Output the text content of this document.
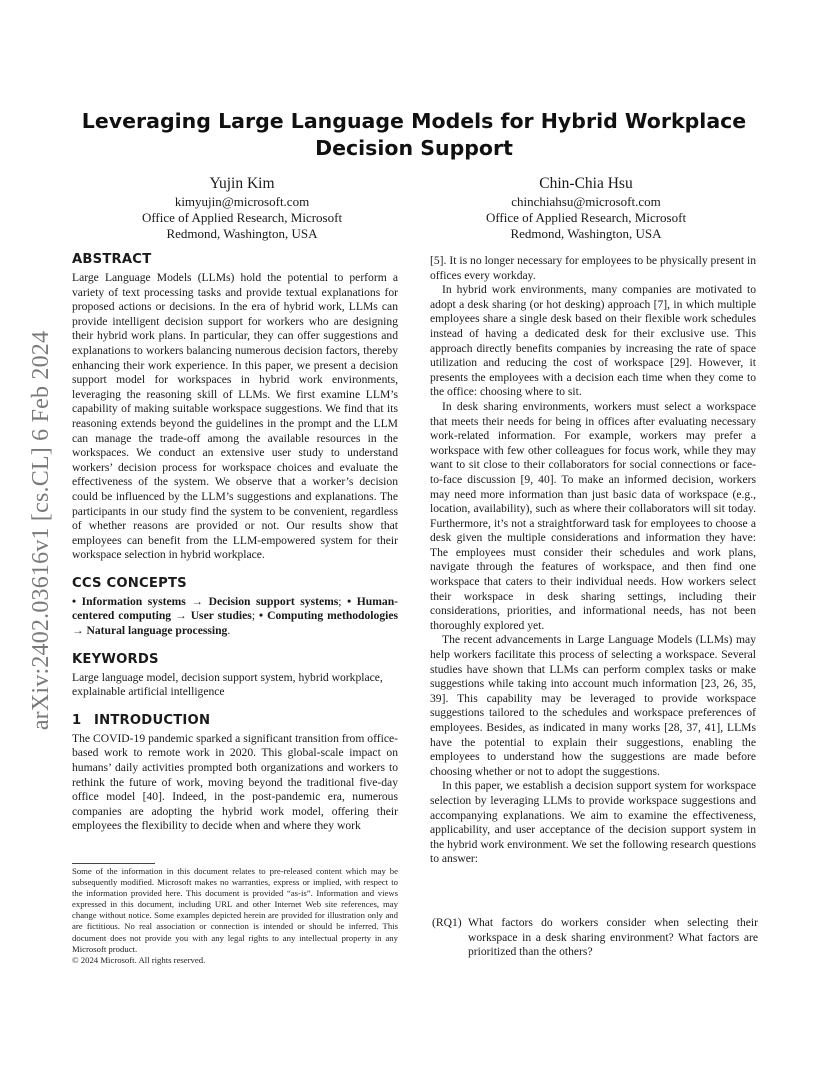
arXiv:2402.03616v1 [cs.CL] 6 Feb 2024
Leveraging Large Language Models for Hybrid Workplace Decision Support
Yujin Kim
kimyujin@microsoft.com
Office of Applied Research, Microsoft
Redmond, Washington, USA
Chin-Chia Hsu
chinchiahsu@microsoft.com
Office of Applied Research, Microsoft
Redmond, Washington, USA
ABSTRACT

Large Language Models (LLMs) hold the potential to perform a variety of text processing tasks and provide textual explanations for proposed actions or decisions. In the era of hybrid work, LLMs can provide intelligent decision support for workers who are designing their hybrid work plans. In particular, they can offer suggestions and explanations to workers balancing numerous decision factors, thereby enhancing their work experience. In this paper, we present a decision support model for workspaces in hybrid work environments, leveraging the reasoning skill of LLMs. We first examine LLM’s capability of making suitable workspace suggestions. We find that its reasoning extends beyond the guidelines in the prompt and the LLM can manage the trade-off among the available resources in the workspaces. We conduct an extensive user study to understand workers’ decision process for workspace choices and evaluate the effectiveness of the system. We observe that a worker’s decision could be influenced by the LLM’s suggestions and explanations. The participants in our study find the system to be convenient, regardless of whether reasons are provided or not. Our results show that employees can benefit from the LLM-empowered system for their workspace selection in hybrid workplace.

CCS CONCEPTS

• Information systems → Decision support systems; • Human-centered computing → User studies; • Computing methodologies → Natural language processing.

KEYWORDS

Large language model, decision support system, hybrid workplace, explainable artificial intelligence

1 INTRODUCTION

The COVID-19 pandemic sparked a significant transition from office-based work to remote work in 2020. This global-scale impact on humans’ daily activities prompted both organizations and workers to rethink the future of work, moving beyond the traditional five-day office model [40]. Indeed, in the post-pandemic era, numerous companies are adopting the hybrid work model, offering their employees the flexibility to decide when and where they work

Some of the information in this document relates to pre-released content which may be subsequently modified. Microsoft makes no warranties, express or implied, with respect to the information provided here. This document is provided “as-is”. Information and views expressed in this document, including URL and other Internet Web site references, may change without notice. Some examples depicted herein are provided for illustration only and are fictitious. No real association or connection is intended or should be inferred. This document does not provide you with any legal rights to any intellectual property in any Microsoft product.

© 2024 Microsoft. All rights reserved.

[5]. It is no longer necessary for employees to be physically present in offices every workday.

In hybrid work environments, many companies are motivated to adopt a desk sharing (or hot desking) approach [7], in which multiple employees share a single desk based on their flexible work schedules instead of having a dedicated desk for their exclusive use. This approach directly benefits companies by increasing the rate of space utilization and reducing the cost of workspace [29]. However, it presents the employees with a decision each time when they come to the office: choosing where to sit.

In desk sharing environments, workers must select a workspace that meets their needs for being in offices after evaluating necessary work-related information. For example, workers may prefer a workspace with few other colleagues for focus work, while they may want to sit close to their collaborators for social connections or face-to-face discussion [9, 40]. To make an informed decision, workers may need more information than just basic data of workspace (e.g., location, availability), such as where their collaborators will sit today. Furthermore, it’s not a straightforward task for employees to choose a desk given the multiple considerations and information they have: The employees must consider their schedules and work plans, navigate through the features of workspace, and then find one workspace that caters to their individual needs. How workers select their workspace in desk sharing settings, including their considerations, priorities, and informational needs, has not been thoroughly explored yet.

The recent advancements in Large Language Models (LLMs) may help workers facilitate this process of selecting a workspace. Several studies have shown that LLMs can perform complex tasks or make suggestions while taking into account much information [23, 26, 35, 39]. This capability may be leveraged to provide workspace suggestions tailored to the schedules and workspace preferences of employees. Besides, as indicated in many works [28, 37, 41], LLMs have the potential to explain their suggestions, enabling the employees to understand how the suggestions are made before choosing whether or not to adopt the suggestions.

In this paper, we establish a decision support system for workspace selection by leveraging LLMs to provide workspace suggestions and accompanying explanations. We aim to examine the effectiveness, applicability, and user acceptance of the decision support system in the hybrid work environment. We set the following research questions to answer:

(RQ1) What factors do workers consider when selecting their workspace in a desk sharing environment? What factors are prioritized than the others?
